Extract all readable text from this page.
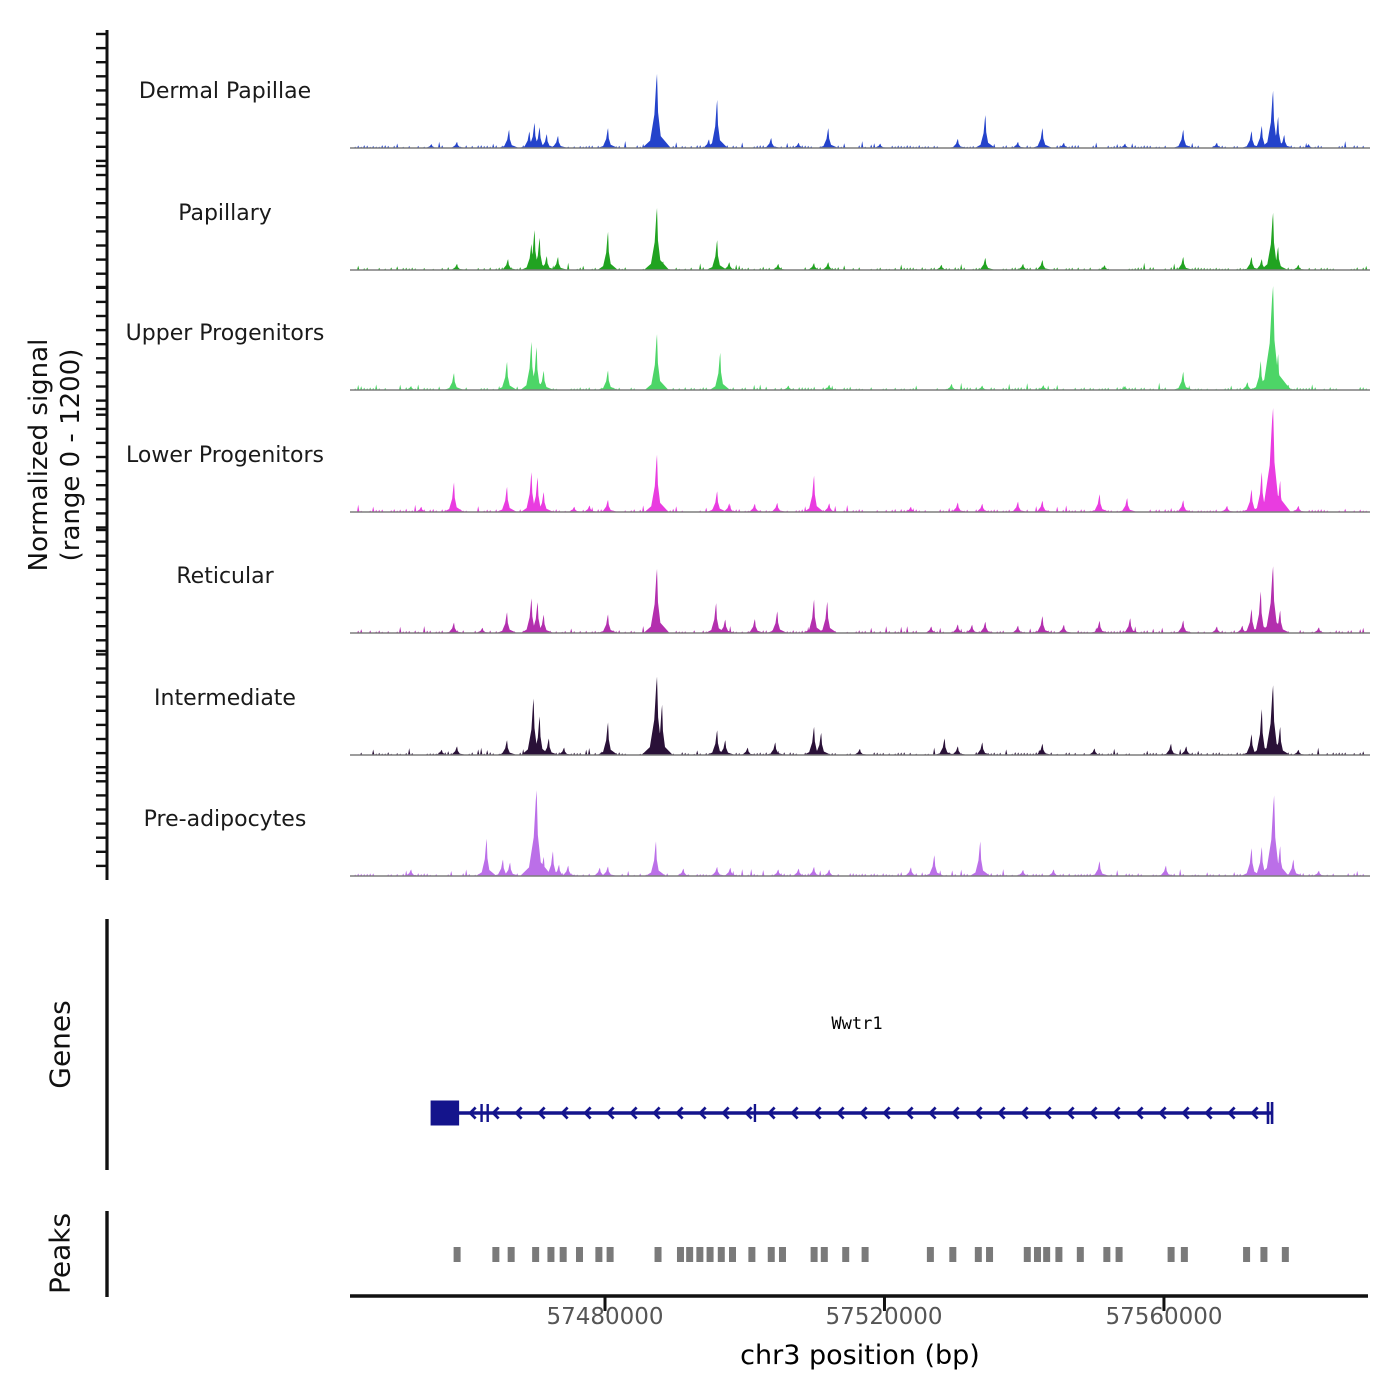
Normalized signal (range 0 - 1200)
Dermal Papillae
Papillary
Upper Progenitors
Lower Progenitors
Reticular
Intermediate
Pre-adipocytes
Genes	Wwtr1
Peaks
57480000	57520000	57560000
chr3 position (bp)
